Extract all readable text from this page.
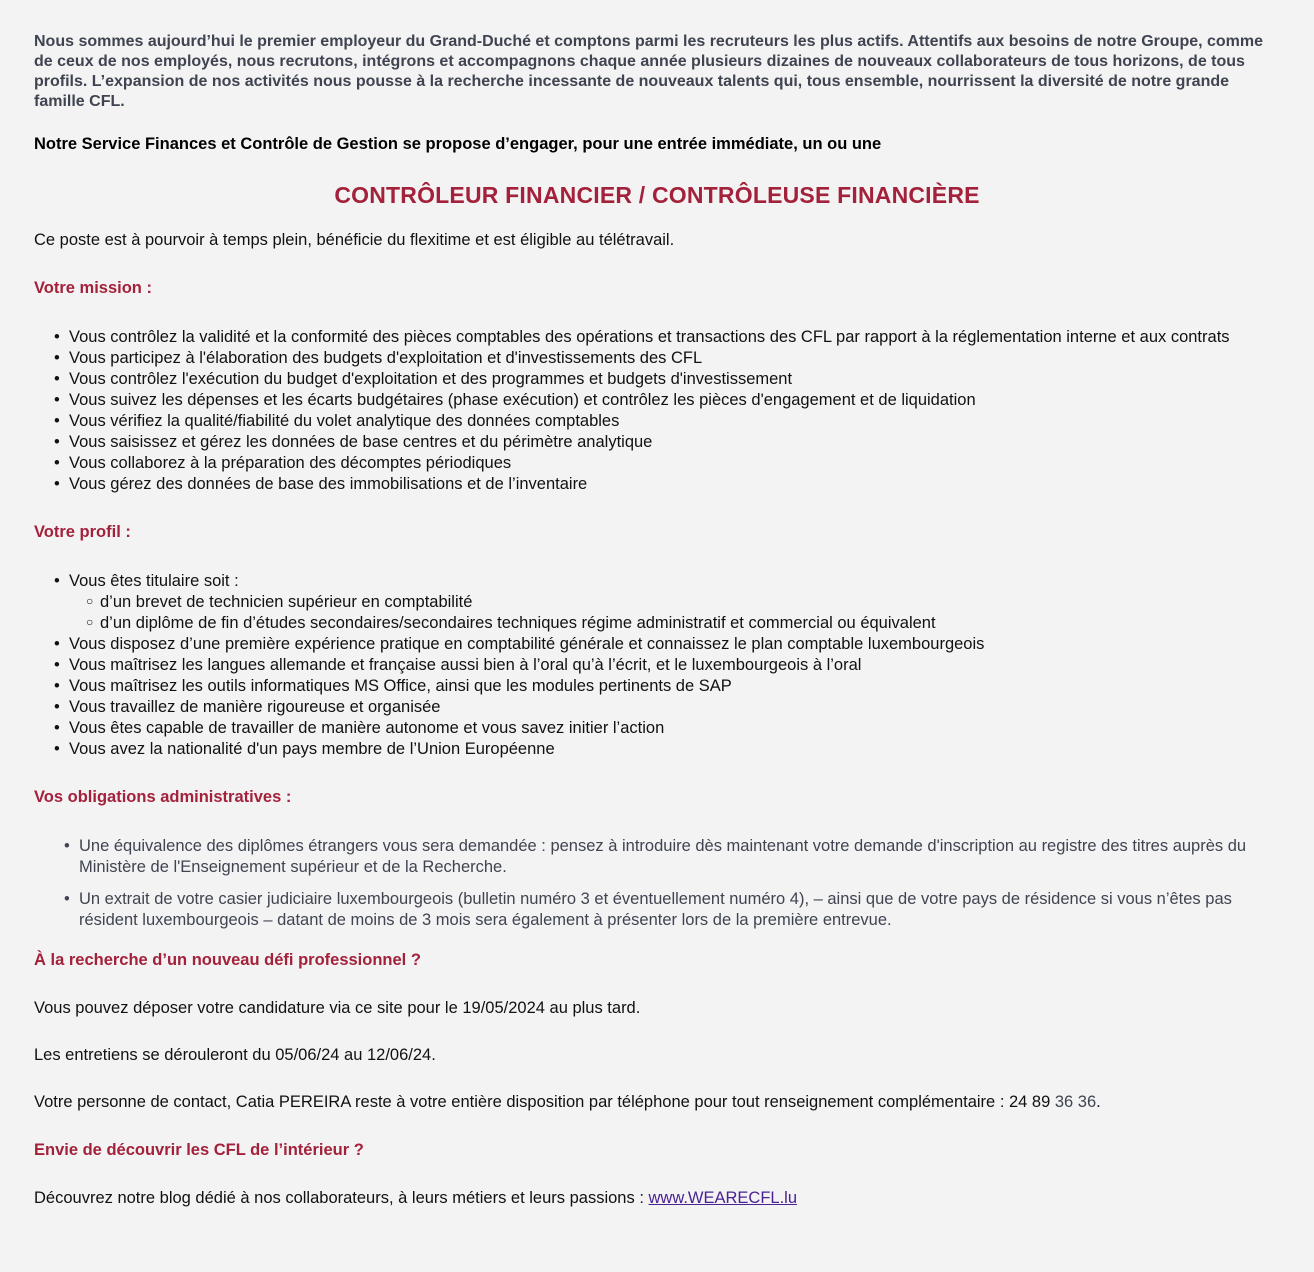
Nous sommes aujourd’hui le premier employeur du Grand-Duché et comptons parmi les recruteurs les plus actifs. Attentifs aux besoins de notre Groupe, comme de ceux de nos employés, nous recrutons, intégrons et accompagnons chaque année plusieurs dizaines de nouveaux collaborateurs de tous horizons, de tous profils. L’expansion de nos activités nous pousse à la recherche incessante de nouveaux talents qui, tous ensemble, nourrissent la diversité de notre grande famille CFL.

Notre Service Finances et Contrôle de Gestion se propose d’engager, pour une entrée immédiate, un ou une

CONTRÔLEUR FINANCIER / CONTRÔLEUSE FINANCIÈRE

Ce poste est à pourvoir à temps plein, bénéficie du flexitime et est éligible au télétravail.

Votre mission :
• Vous contrôlez la validité et la conformité des pièces comptables des opérations et transactions des CFL par rapport à la réglementation interne et aux contrats
• Vous participez à l'élaboration des budgets d'exploitation et d'investissements des CFL
• Vous contrôlez l'exécution du budget d'exploitation et des programmes et budgets d'investissement
• Vous suivez les dépenses et les écarts budgétaires (phase exécution) et contrôlez les pièces d'engagement et de liquidation
• Vous vérifiez la qualité/fiabilité du volet analytique des données comptables
• Vous saisissez et gérez les données de base centres et du périmètre analytique
• Vous collaborez à la préparation des décomptes périodiques
• Vous gérez des données de base des immobilisations et de l’inventaire
Votre profil :
• Vous êtes titulaire soit :
○ d’un brevet de technicien supérieur en comptabilité
○ d’un diplôme de fin d’études secondaires/secondaires techniques régime administratif et commercial ou équivalent
• Vous disposez d’une première expérience pratique en comptabilité générale et connaissez le plan comptable luxembourgeois
• Vous maîtrisez les langues allemande et française aussi bien à l’oral qu’à l’écrit, et le luxembourgeois à l’oral
• Vous maîtrisez les outils informatiques MS Office, ainsi que les modules pertinents de SAP
• Vous travaillez de manière rigoureuse et organisée
• Vous êtes capable de travailler de manière autonome et vous savez initier l’action
• Vous avez la nationalité d'un pays membre de l’Union Européenne
Vos obligations administratives :
• Une équivalence des diplômes étrangers vous sera demandée : pensez à introduire dès maintenant votre demande d'inscription au registre des titres auprès du Ministère de l'Enseignement supérieur et de la Recherche.
• Un extrait de votre casier judiciaire luxembourgeois (bulletin numéro 3 et éventuellement numéro 4), – ainsi que de votre pays de résidence si vous n’êtes pas résident luxembourgeois – datant de moins de 3 mois sera également à présenter lors de la première entrevue.
À la recherche d’un nouveau défi professionnel ?

Vous pouvez déposer votre candidature via ce site pour le 19/05/2024 au plus tard.

Les entretiens se dérouleront du 05/06/24 au 12/06/24.

Votre personne de contact, Catia PEREIRA reste à votre entière disposition par téléphone pour tout renseignement complémentaire : 24 89 36 36.

Envie de découvrir les CFL de l’intérieur ?

Découvrez notre blog dédié à nos collaborateurs, à leurs métiers et leurs passions : www.WEARECFL.lu
